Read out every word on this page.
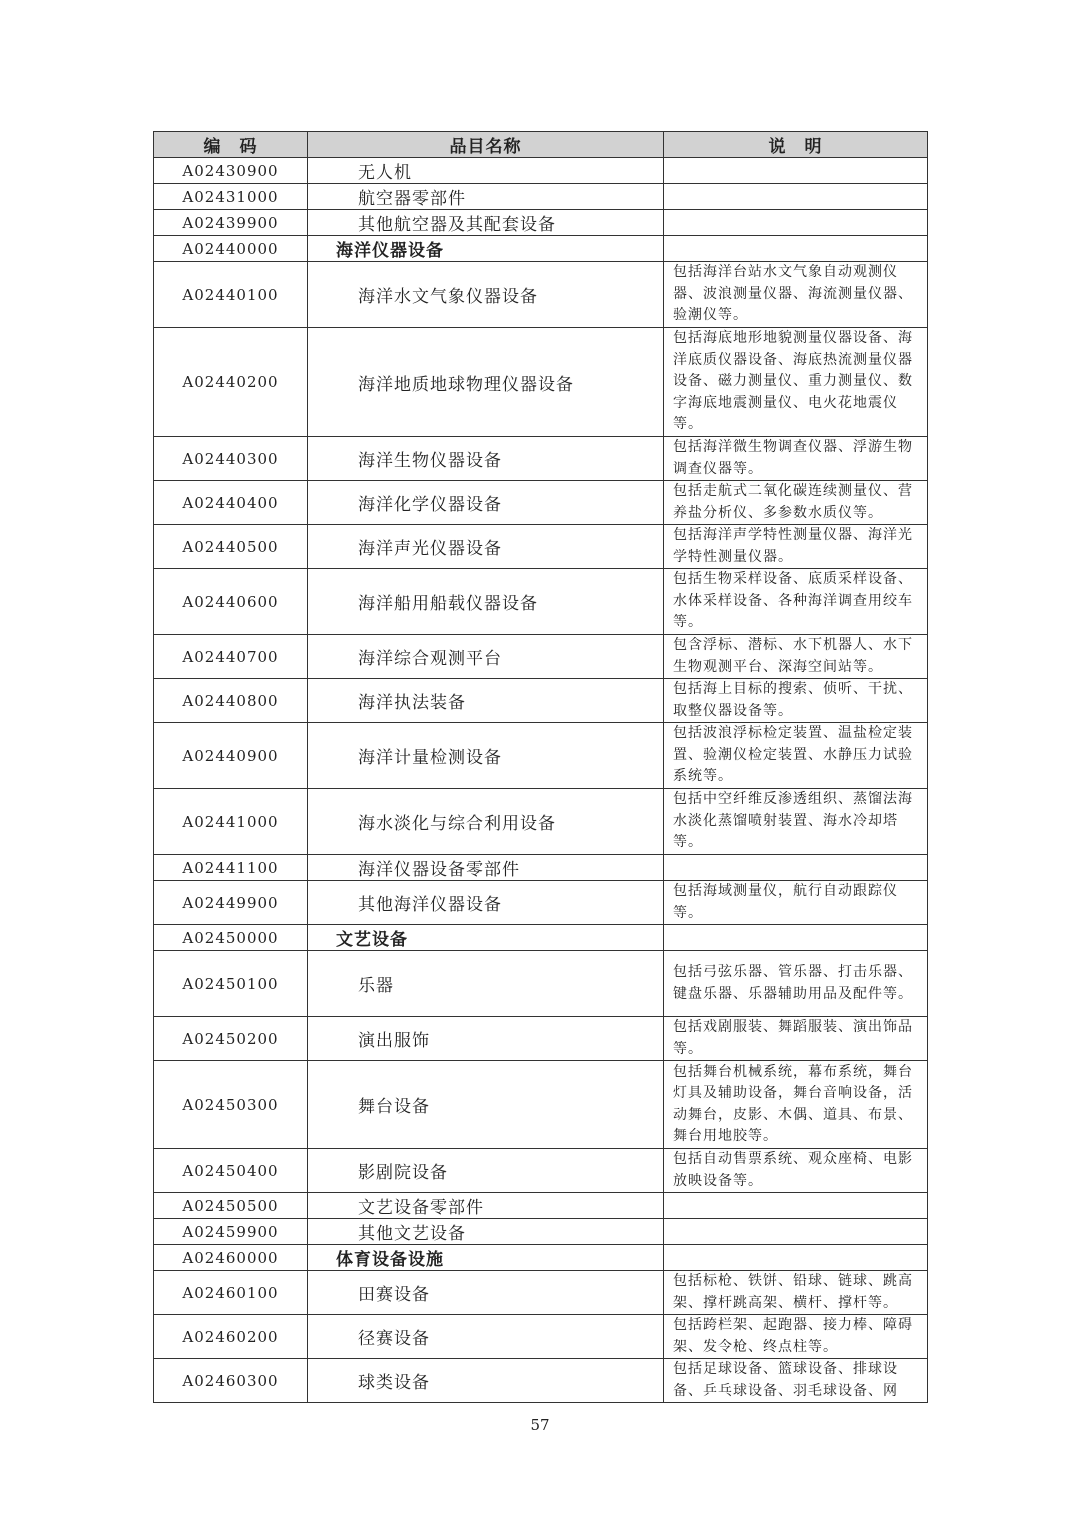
编　码	品目名称	说　明
A02430900	无人机	
A02431000	航空器零部件	
A02439900	其他航空器及其配套设备	
A02440000	海洋仪器设备	
A02440100	海洋水文气象仪器设备	包括海洋台站水文气象自动观测仪器、波浪测量仪器、海流测量仪器、验潮仪等。
A02440200	海洋地质地球物理仪器设备	包括海底地形地貌测量仪器设备、海洋底质仪器设备、海底热流测量仪器设备、磁力测量仪、重力测量仪、数字海底地震测量仪、电火花地震仪等。
A02440300	海洋生物仪器设备	包括海洋微生物调查仪器、浮游生物调查仪器等。
A02440400	海洋化学仪器设备	包括走航式二氧化碳连续测量仪、营养盐分析仪、多参数水质仪等。
A02440500	海洋声光仪器设备	包括海洋声学特性测量仪器、海洋光学特性测量仪器。
A02440600	海洋船用船载仪器设备	包括生物采样设备、底质采样设备、水体采样设备、各种海洋调查用绞车等。
A02440700	海洋综合观测平台	包含浮标、潜标、水下机器人、水下生物观测平台、深海空间站等。
A02440800	海洋执法装备	包括海上目标的搜索、侦听、干扰、取整仪器设备等。
A02440900	海洋计量检测设备	包括波浪浮标检定装置、温盐检定装置、验潮仪检定装置、水静压力试验系统等。
A02441000	海水淡化与综合利用设备	包括中空纤维反渗透组织、蒸馏法海水淡化蒸馏喷射装置、海水冷却塔等。
A02441100	海洋仪器设备零部件	
A02449900	其他海洋仪器设备	包括海域测量仪，航行自动跟踪仪等。
A02450000	文艺设备	
A02450100	乐器	包括弓弦乐器、管乐器、打击乐器、键盘乐器、乐器辅助用品及配件等。
A02450200	演出服饰	包括戏剧服装、舞蹈服装、演出饰品等。
A02450300	舞台设备	包括舞台机械系统，幕布系统，舞台灯具及辅助设备，舞台音响设备，活动舞台，皮影、木偶、道具、布景、舞台用地胶等。
A02450400	影剧院设备	包括自动售票系统、观众座椅、电影放映设备等。
A02450500	文艺设备零部件	
A02459900	其他文艺设备	
A02460000	体育设备设施	
A02460100	田赛设备	包括标枪、铁饼、铅球、链球、跳高架、撑杆跳高架、横杆、撑杆等。
A02460200	径赛设备	包括跨栏架、起跑器、接力棒、障碍架、发令枪、终点柱等。
A02460300	球类设备	包括足球设备、篮球设备、排球设备、乒乓球设备、羽毛球设备、网
57
